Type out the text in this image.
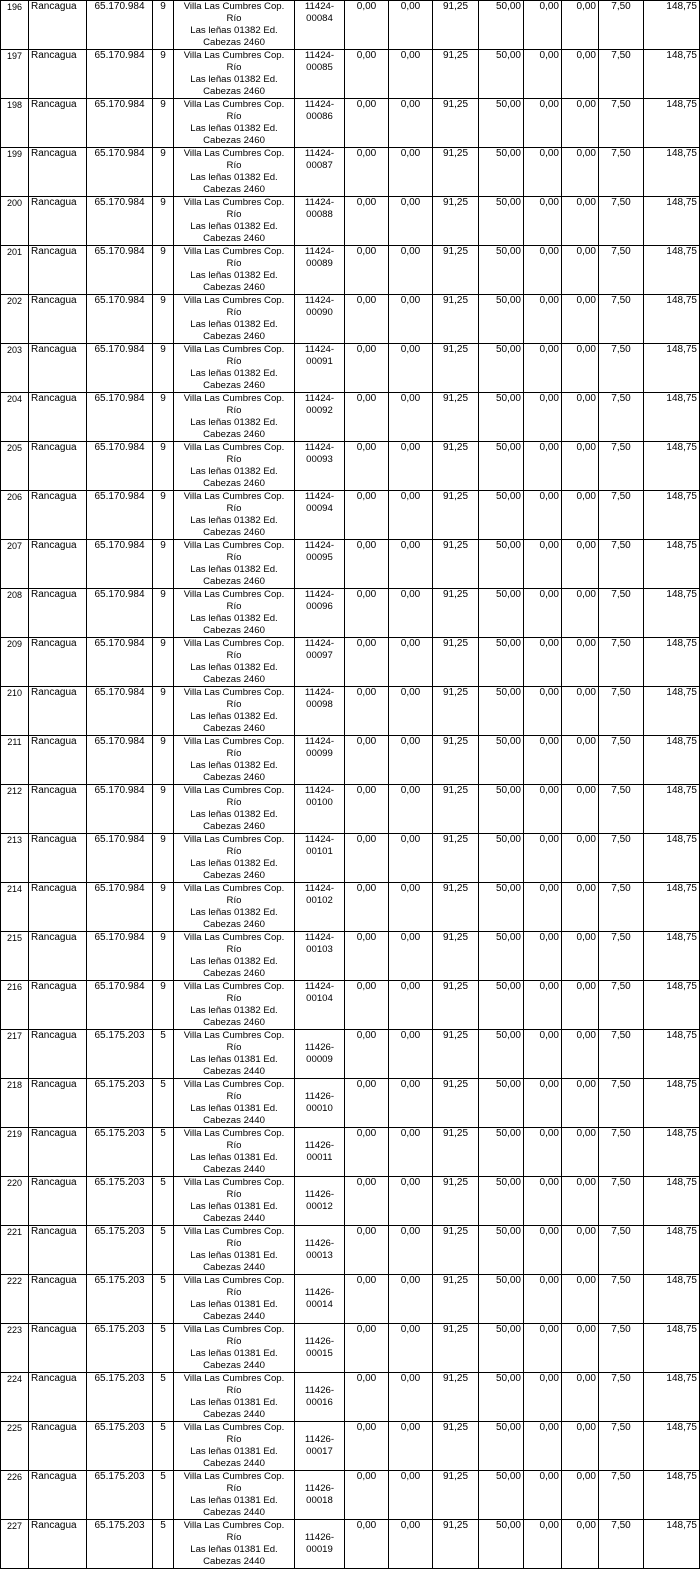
196	Rancagua	65.170.984	9	Villa Las Cumbres Cop. Río
Las leñas 01382 Ed.
Cabezas 2460	11424-
00084	0,00	0,00	91,25	50,00	0,00	0,00	7,50	148,75
197	Rancagua	65.170.984	9	Villa Las Cumbres Cop. Río
Las leñas 01382 Ed.
Cabezas 2460	11424-
00085	0,00	0,00	91,25	50,00	0,00	0,00	7,50	148,75
198	Rancagua	65.170.984	9	Villa Las Cumbres Cop. Río
Las leñas 01382 Ed.
Cabezas 2460	11424-
00086	0,00	0,00	91,25	50,00	0,00	0,00	7,50	148,75
199	Rancagua	65.170.984	9	Villa Las Cumbres Cop. Río
Las leñas 01382 Ed.
Cabezas 2460	11424-
00087	0,00	0,00	91,25	50,00	0,00	0,00	7,50	148,75
200	Rancagua	65.170.984	9	Villa Las Cumbres Cop. Río
Las leñas 01382 Ed.
Cabezas 2460	11424-
00088	0,00	0,00	91,25	50,00	0,00	0,00	7,50	148,75
201	Rancagua	65.170.984	9	Villa Las Cumbres Cop. Río
Las leñas 01382 Ed.
Cabezas 2460	11424-
00089	0,00	0,00	91,25	50,00	0,00	0,00	7,50	148,75
202	Rancagua	65.170.984	9	Villa Las Cumbres Cop. Río
Las leñas 01382 Ed.
Cabezas 2460	11424-
00090	0,00	0,00	91,25	50,00	0,00	0,00	7,50	148,75
203	Rancagua	65.170.984	9	Villa Las Cumbres Cop. Río
Las leñas 01382 Ed.
Cabezas 2460	11424-
00091	0,00	0,00	91,25	50,00	0,00	0,00	7,50	148,75
204	Rancagua	65.170.984	9	Villa Las Cumbres Cop. Río
Las leñas 01382 Ed.
Cabezas 2460	11424-
00092	0,00	0,00	91,25	50,00	0,00	0,00	7,50	148,75
205	Rancagua	65.170.984	9	Villa Las Cumbres Cop. Río
Las leñas 01382 Ed.
Cabezas 2460	11424-
00093	0,00	0,00	91,25	50,00	0,00	0,00	7,50	148,75
206	Rancagua	65.170.984	9	Villa Las Cumbres Cop. Río
Las leñas 01382 Ed.
Cabezas 2460	11424-
00094	0,00	0,00	91,25	50,00	0,00	0,00	7,50	148,75
207	Rancagua	65.170.984	9	Villa Las Cumbres Cop. Río
Las leñas 01382 Ed.
Cabezas 2460	11424-
00095	0,00	0,00	91,25	50,00	0,00	0,00	7,50	148,75
208	Rancagua	65.170.984	9	Villa Las Cumbres Cop. Río
Las leñas 01382 Ed.
Cabezas 2460	11424-
00096	0,00	0,00	91,25	50,00	0,00	0,00	7,50	148,75
209	Rancagua	65.170.984	9	Villa Las Cumbres Cop. Río
Las leñas 01382 Ed.
Cabezas 2460	11424-
00097	0,00	0,00	91,25	50,00	0,00	0,00	7,50	148,75
210	Rancagua	65.170.984	9	Villa Las Cumbres Cop. Río
Las leñas 01382 Ed.
Cabezas 2460	11424-
00098	0,00	0,00	91,25	50,00	0,00	0,00	7,50	148,75
211	Rancagua	65.170.984	9	Villa Las Cumbres Cop. Río
Las leñas 01382 Ed.
Cabezas 2460	11424-
00099	0,00	0,00	91,25	50,00	0,00	0,00	7,50	148,75
212	Rancagua	65.170.984	9	Villa Las Cumbres Cop. Río
Las leñas 01382 Ed.
Cabezas 2460	11424-
00100	0,00	0,00	91,25	50,00	0,00	0,00	7,50	148,75
213	Rancagua	65.170.984	9	Villa Las Cumbres Cop. Río
Las leñas 01382 Ed.
Cabezas 2460	11424-
00101	0,00	0,00	91,25	50,00	0,00	0,00	7,50	148,75
214	Rancagua	65.170.984	9	Villa Las Cumbres Cop. Río
Las leñas 01382 Ed.
Cabezas 2460	11424-
00102	0,00	0,00	91,25	50,00	0,00	0,00	7,50	148,75
215	Rancagua	65.170.984	9	Villa Las Cumbres Cop. Río
Las leñas 01382 Ed.
Cabezas 2460	11424-
00103	0,00	0,00	91,25	50,00	0,00	0,00	7,50	148,75
216	Rancagua	65.170.984	9	Villa Las Cumbres Cop. Río
Las leñas 01382 Ed.
Cabezas 2460	11424-
00104	0,00	0,00	91,25	50,00	0,00	0,00	7,50	148,75
217	Rancagua	65.175.203	5	Villa Las Cumbres Cop. Río
Las leñas 01381 Ed.
Cabezas 2440	11426-
00009	0,00	0,00	91,25	50,00	0,00	0,00	7,50	148,75
218	Rancagua	65.175.203	5	Villa Las Cumbres Cop. Río
Las leñas 01381 Ed.
Cabezas 2440	11426-
00010	0,00	0,00	91,25	50,00	0,00	0,00	7,50	148,75
219	Rancagua	65.175.203	5	Villa Las Cumbres Cop. Río
Las leñas 01381 Ed.
Cabezas 2440	11426-
00011	0,00	0,00	91,25	50,00	0,00	0,00	7,50	148,75
220	Rancagua	65.175.203	5	Villa Las Cumbres Cop. Río
Las leñas 01381 Ed.
Cabezas 2440	11426-
00012	0,00	0,00	91,25	50,00	0,00	0,00	7,50	148,75
221	Rancagua	65.175.203	5	Villa Las Cumbres Cop. Río
Las leñas 01381 Ed.
Cabezas 2440	11426-
00013	0,00	0,00	91,25	50,00	0,00	0,00	7,50	148,75
222	Rancagua	65.175.203	5	Villa Las Cumbres Cop. Río
Las leñas 01381 Ed.
Cabezas 2440	11426-
00014	0,00	0,00	91,25	50,00	0,00	0,00	7,50	148,75
223	Rancagua	65.175.203	5	Villa Las Cumbres Cop. Río
Las leñas 01381 Ed.
Cabezas 2440	11426-
00015	0,00	0,00	91,25	50,00	0,00	0,00	7,50	148,75
224	Rancagua	65.175.203	5	Villa Las Cumbres Cop. Río
Las leñas 01381 Ed.
Cabezas 2440	11426-
00016	0,00	0,00	91,25	50,00	0,00	0,00	7,50	148,75
225	Rancagua	65.175.203	5	Villa Las Cumbres Cop. Río
Las leñas 01381 Ed.
Cabezas 2440	11426-
00017	0,00	0,00	91,25	50,00	0,00	0,00	7,50	148,75
226	Rancagua	65.175.203	5	Villa Las Cumbres Cop. Río
Las leñas 01381 Ed.
Cabezas 2440	11426-
00018	0,00	0,00	91,25	50,00	0,00	0,00	7,50	148,75
227	Rancagua	65.175.203	5	Villa Las Cumbres Cop. Río
Las leñas 01381 Ed.
Cabezas 2440	11426-
00019	0,00	0,00	91,25	50,00	0,00	0,00	7,50	148,75
